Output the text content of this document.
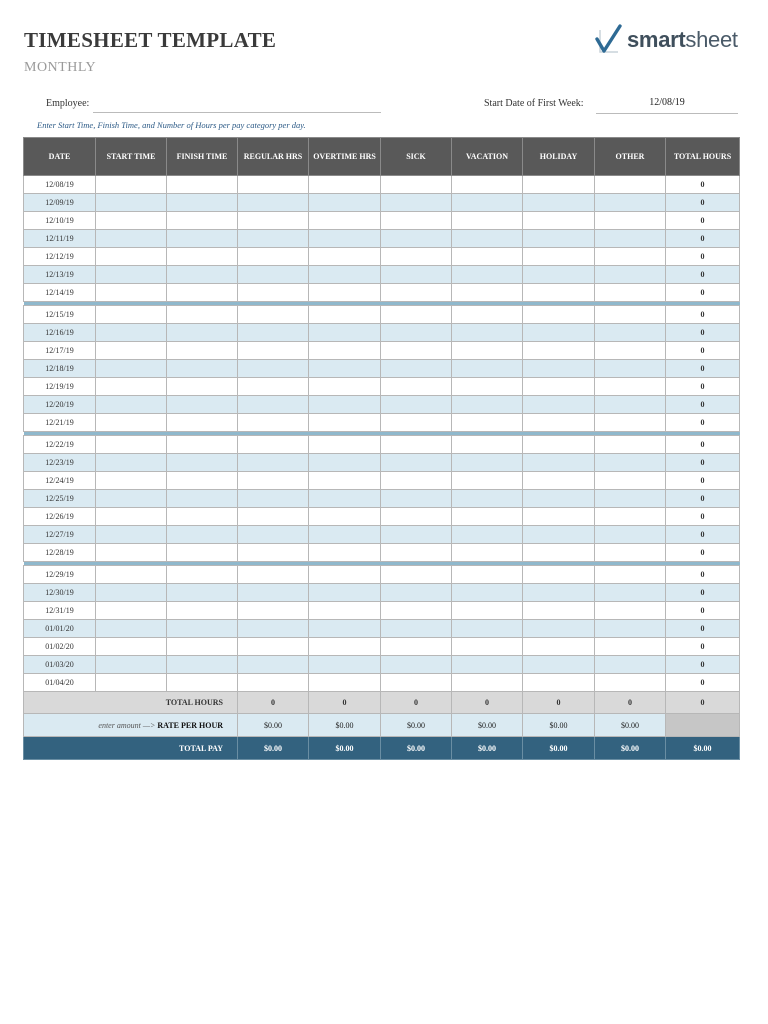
TIMESHEET TEMPLATE
MONTHLY
smartsheet
Employee:	Start Date of First Week:	12/08/19
Enter Start Time, Finish Time, and Number of Hours per pay category per day.
DATE	START TIME	FINISH TIME	REGULAR HRS	OVERTIME HRS	SICK	VACATION	HOLIDAY	OTHER	TOTAL HOURS
12/08/19									0
12/09/19									0
12/10/19									0
12/11/19									0
12/12/19									0
12/13/19									0
12/14/19									0

12/15/19									0
12/16/19									0
12/17/19									0
12/18/19									0
12/19/19									0
12/20/19									0
12/21/19									0

12/22/19									0
12/23/19									0
12/24/19									0
12/25/19									0
12/26/19									0
12/27/19									0
12/28/19									0

12/29/19									0
12/30/19									0
12/31/19									0
01/01/20									0
01/02/20									0
01/03/20									0
01/04/20									0
TOTAL HOURS			0	0	0	0	0	0	0
enter amount —> RATE PER HOUR			$0.00	$0.00	$0.00	$0.00	$0.00	$0.00	
TOTAL PAY			$0.00	$0.00	$0.00	$0.00	$0.00	$0.00	$0.00
